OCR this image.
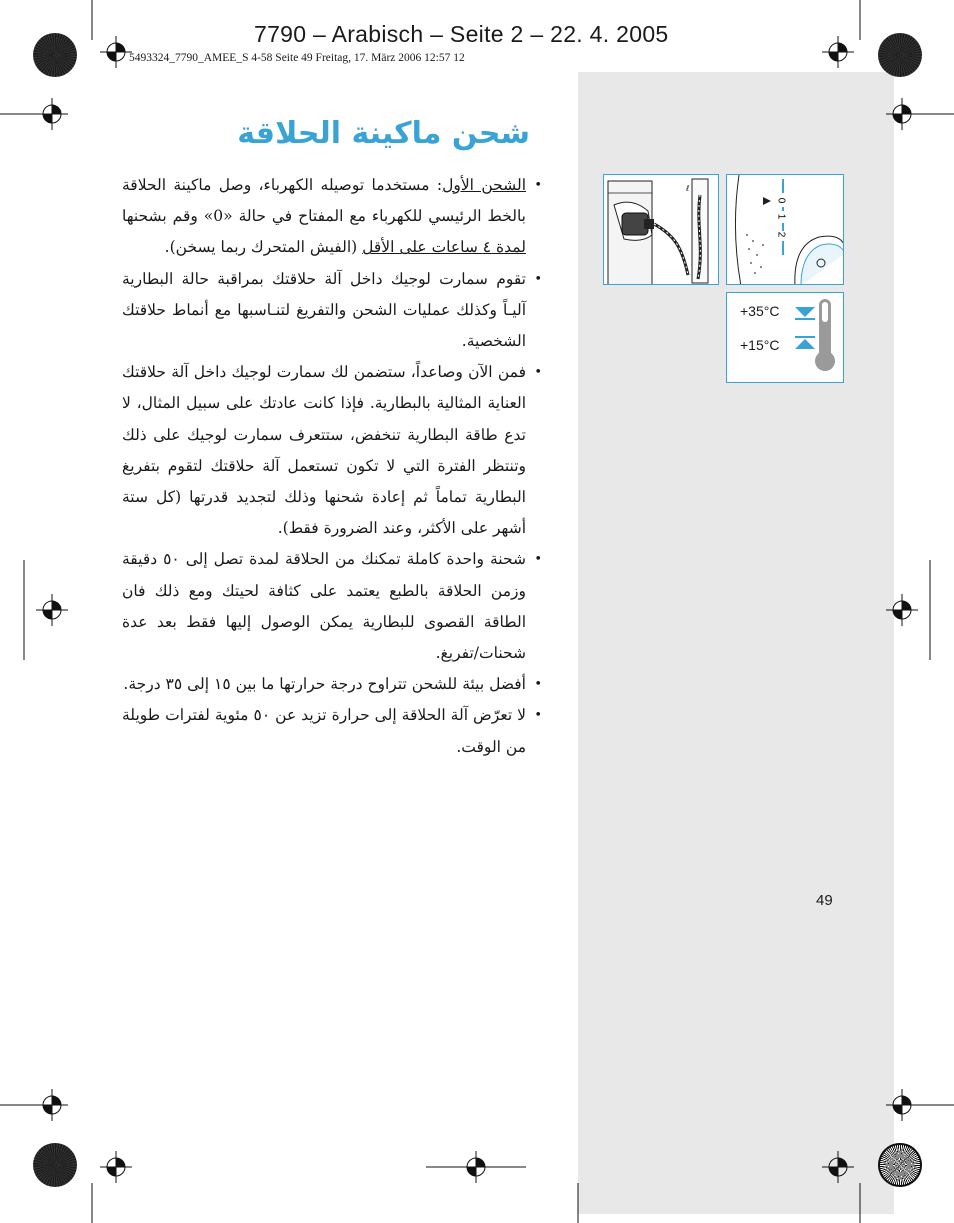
7790 – Arabisch – Seite 2 – 22. 4. 2005
5493324_7790_AMEE_S 4-58 Seite 49 Freitag, 17. März 2006 12:57 12
شحن ماكينة الحلاقة
• الشحن الأول: مستخدما توصيله الكهرباء، وصل ماكينة الحلاقة بالخط الرئيسي للكهرباء مع المفتاح في حالة «0» وقم بشحنها لمدة ٤ ساعات على الأقل (الفيش المتحرك ربما يسخن).
• تقوم سمارت لوجيك داخل آلة حلاقتك بمراقبة حالة البطارية آليـاً وكذلك عمليات الشحن والتفريغ لتنـاسبها مع أنماط حلاقتك الشخصية.
• فمن الآن وصاعداً، ستضمن لك سمارت لوجيك داخل آلة حلاقتك العناية المثالية بالبطارية. فإذا كانت عادتك على سبيل المثال، لا تدع طاقة البطارية تنخفض، ستتعرف سمارت لوجيك على ذلك وتنتظر الفترة التي لا تكون تستعمل آلة حلاقتك لتقوم بتفريغ البطارية تماماً ثم إعادة شحنها وذلك لتجديد قدرتها (كل ستة أشهر على الأكثر، وعند الضرورة فقط).
• شحنة واحدة كاملة تمكنك من الحلاقة لمدة تصل إلى ٥٠ دقيقة وزمن الحلاقة بالطبع يعتمد على كثافة لحيتك ومع ذلك فان الطاقة القصوى للبطارية يمكن الوصول إليها فقط بعد عدة شحنات/تفريغ.
• أفضل بيئة للشحن تتراوح درجة حرارتها ما بين ١٥ إلى ٣٥ درجة.
• لا تعرّض آلة الحلاقة إلى حرارة تزيد عن ٥٠ مئوية لفترات طويلة من الوقت.
ℓ
0
1
2
+35°C
+15°C
49
